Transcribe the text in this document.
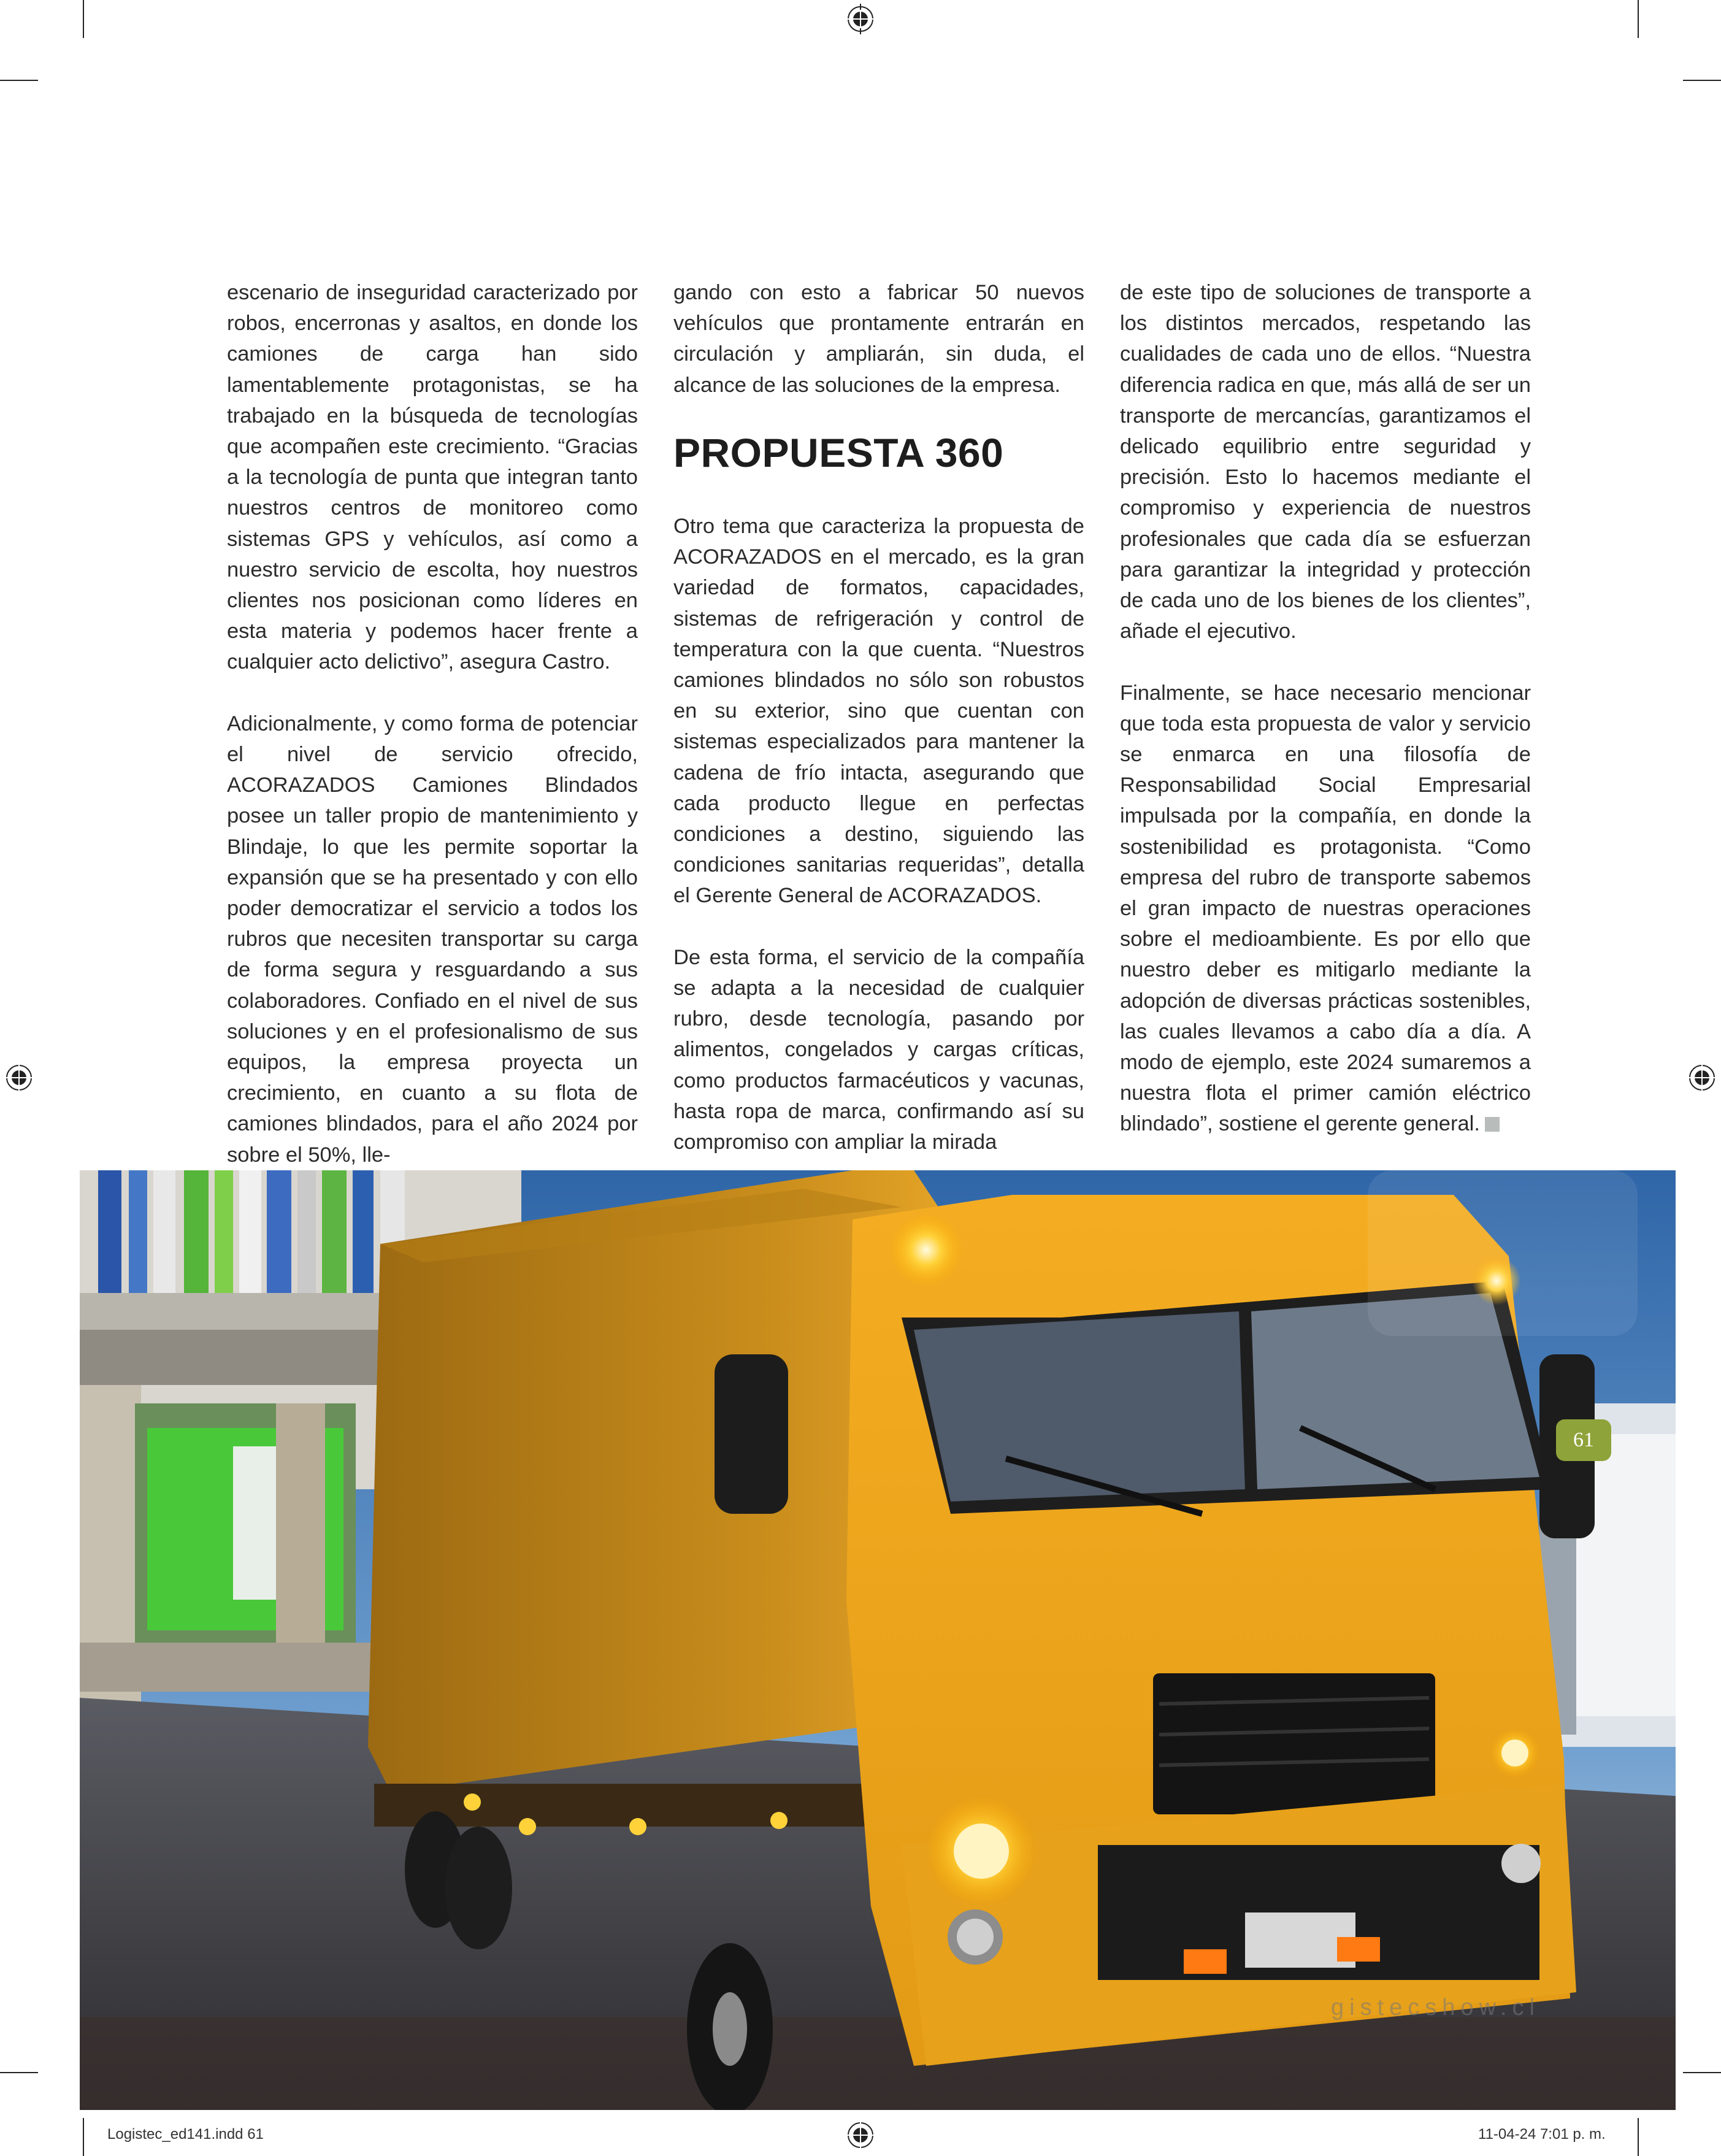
escenario de inseguridad caracterizado por robos, encerronas y asaltos, en donde los camiones de carga han sido lamentablemente protagonistas, se ha trabajado en la búsqueda de tecnologías que acompañen este crecimiento. “Gracias a la tecnología de punta que integran tanto nuestros centros de monitoreo como sistemas GPS y vehículos, así como a nuestro servicio de escolta, hoy nuestros clientes nos posicionan como líderes en esta materia y podemos hacer frente a cualquier acto delictivo”, asegura Castro.

Adicionalmente, y como forma de potenciar el nivel de servicio ofrecido, ACORAZADOS Camiones Blindados posee un taller propio de mantenimiento y Blindaje, lo que les permite soportar la expansión que se ha presentado y con ello poder democratizar el servicio a todos los rubros que necesiten transportar su carga de forma segura y resguardando a sus colaboradores. Confiado en el nivel de sus soluciones y en el profesionalismo de sus equipos, la empresa proyecta un crecimiento, en cuanto a su flota de camiones blindados, para el año 2024 por sobre el 50%, lle-

gando con esto a fabricar 50 nuevos vehículos que prontamente entrarán en circulación y ampliarán, sin duda, el alcance de las soluciones de la empresa.

PROPUESTA 360

Otro tema que caracteriza la propuesta de ACORAZADOS en el mercado, es la gran variedad de formatos, capacidades, sistemas de refrigeración y control de temperatura con la que cuenta. “Nuestros camiones blindados no sólo son robustos en su exterior, sino que cuentan con sistemas especializados para mantener la cadena de frío intacta, asegurando que cada producto llegue en perfectas condiciones a destino, siguiendo las condiciones sanitarias requeridas”, detalla el Gerente General de ACORAZADOS.

De esta forma, el servicio de la compañía se adapta a la necesidad de cualquier rubro, desde tecnología, pasando por alimentos, congelados y cargas críticas, como productos farmacéuticos y vacunas, hasta ropa de marca, confirmando así su compromiso con ampliar la mirada

de este tipo de soluciones de transporte a los distintos mercados, respetando las cualidades de cada uno de ellos. “Nuestra diferencia radica en que, más allá de ser un transporte de mercancías, garantizamos el delicado equilibrio entre seguridad y precisión. Esto lo hacemos mediante el compromiso y experiencia de nuestros profesionales que cada día se esfuerzan para garantizar la integridad y protección de cada uno de los bienes de los clientes”, añade el ejecutivo.

Finalmente, se hace necesario mencionar que toda esta propuesta de valor y servicio se enmarca en una filosofía de Responsabilidad Social Empresarial impulsada por la compañía, en donde la sostenibilidad es protagonista. “Como empresa del rubro de transporte sabemos el gran impacto de nuestras operaciones sobre el medioambiente. Es por ello que nuestro deber es mitigarlo mediante la adopción de diversas prácticas sostenibles, las cuales llevamos a cabo día a día. A modo de ejemplo, este 2024 sumaremos a nuestra flota el primer camión eléctrico blindado”, sostiene el gerente general.

61
gistecshow.cl
Logistec_ed141.indd 61	11-04-24 7:01 p. m.
